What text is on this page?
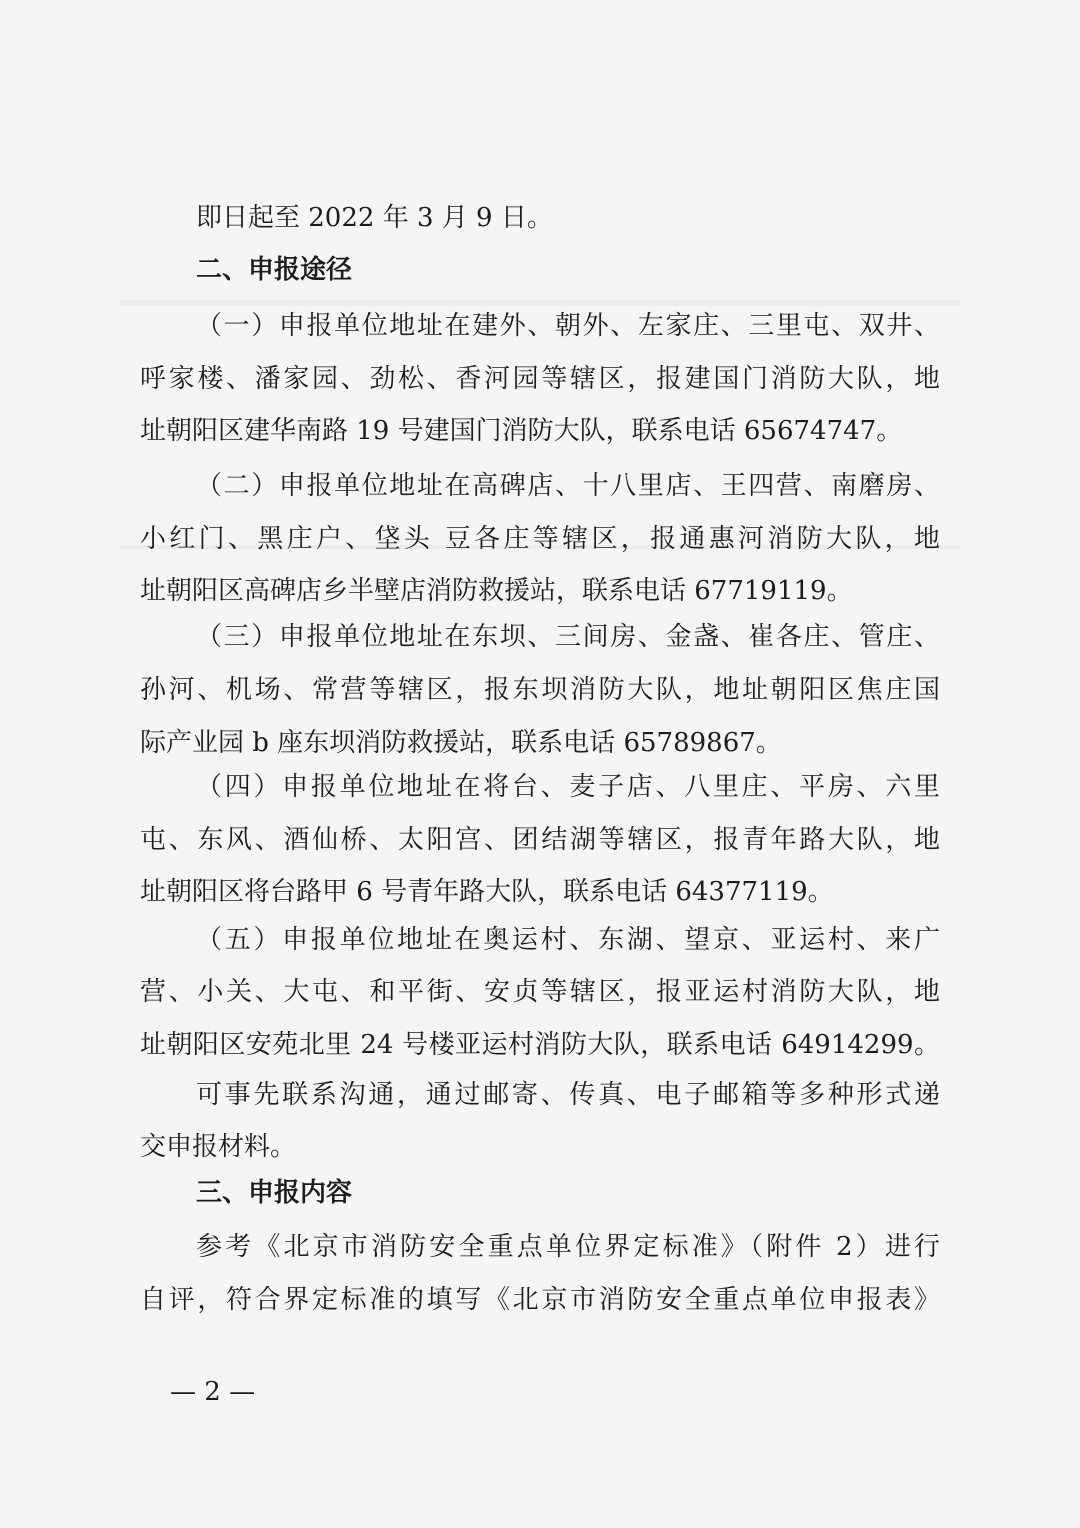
即日起至 2022 年 3 月 9 日。
二、申报途径
（一）申报单位地址在建外、朝外、左家庄、三里屯、双井、
呼家楼、潘家园、劲松、香河园等辖区，报建国门消防大队，地
址朝阳区建华南路 19 号建国门消防大队，联系电话 65674747。
（二）申报单位地址在高碑店、十八里店、王四营、南磨房、
小红门、黑庄户、垡头 豆各庄等辖区，报通惠河消防大队，地
址朝阳区高碑店乡半壁店消防救援站，联系电话 67719119。
（三）申报单位地址在东坝、三间房、金盏、崔各庄、管庄、
孙河、机场、常营等辖区，报东坝消防大队，地址朝阳区焦庄国
际产业园 b 座东坝消防救援站，联系电话 65789867。
（四）申报单位地址在将台、麦子店、八里庄、平房、六里
屯、东风、酒仙桥、太阳宫、团结湖等辖区，报青年路大队，地
址朝阳区将台路甲 6 号青年路大队，联系电话 64377119。
（五）申报单位地址在奥运村、东湖、望京、亚运村、来广
营、小关、大屯、和平街、安贞等辖区，报亚运村消防大队，地
址朝阳区安苑北里 24 号楼亚运村消防大队，联系电话 64914299。
可事先联系沟通，通过邮寄、传真、电子邮箱等多种形式递
交申报材料。
三、申报内容
参考《北京市消防安全重点单位界定标准》（附件 2）进行
自评，符合界定标准的填写《北京市消防安全重点单位申报表》
— 2 —
